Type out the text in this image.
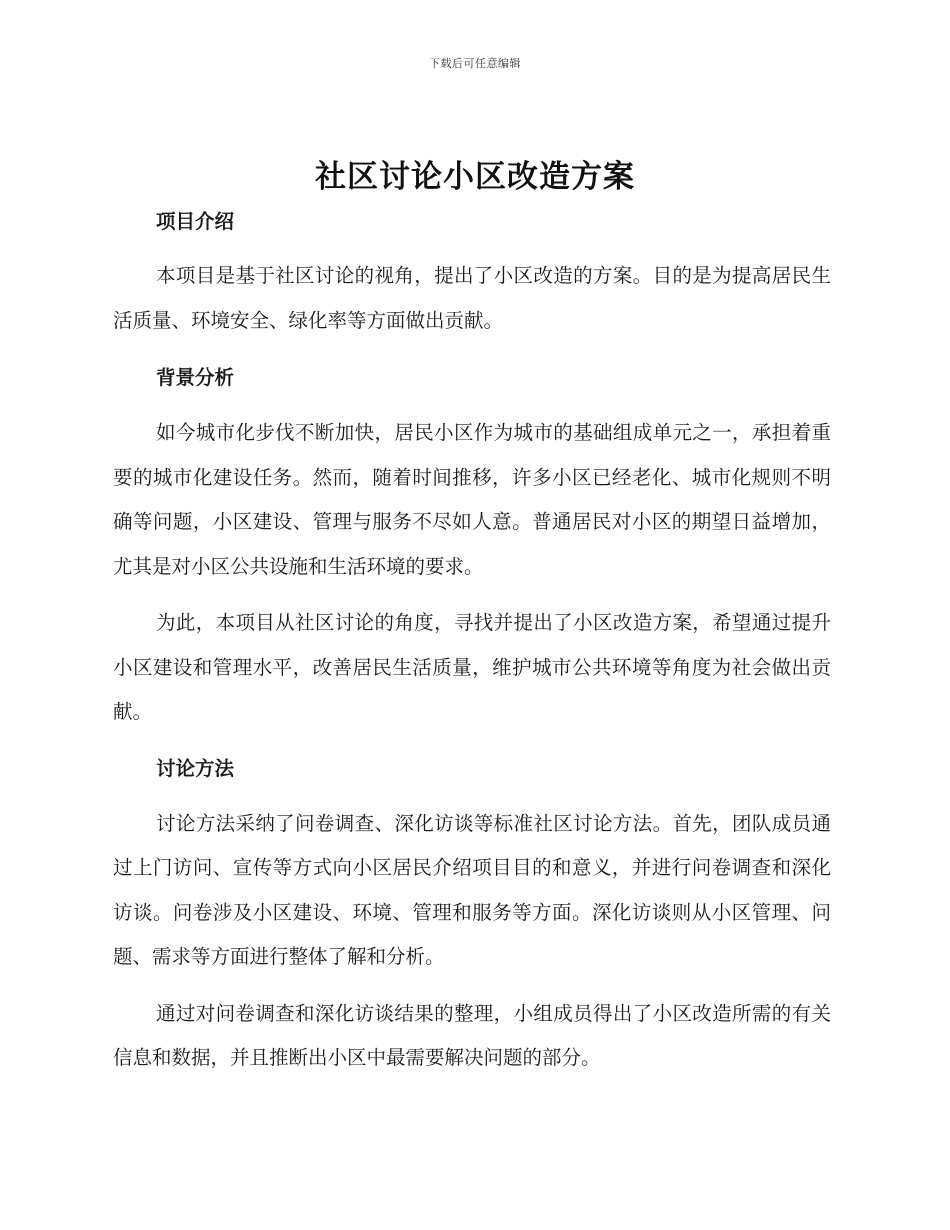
下载后可任意编辑
社区讨论小区改造方案
项目介绍

本项目是基于社区讨论的视角，提出了小区改造的方案。目的是为提高居民生活质量、环境安全、绿化率等方面做出贡献。

背景分析

如今城市化步伐不断加快，居民小区作为城市的基础组成单元之一，承担着重要的城市化建设任务。然而，随着时间推移，许多小区已经老化、城市化规则不明确等问题，小区建设、管理与服务不尽如人意。普通居民对小区的期望日益增加，尤其是对小区公共设施和生活环境的要求。

为此，本项目从社区讨论的角度，寻找并提出了小区改造方案，希望通过提升小区建设和管理水平，改善居民生活质量，维护城市公共环境等角度为社会做出贡献。

讨论方法

讨论方法采纳了问卷调查、深化访谈等标准社区讨论方法。首先，团队成员通过上门访问、宣传等方式向小区居民介绍项目目的和意义，并进行问卷调查和深化访谈。问卷涉及小区建设、环境、管理和服务等方面。深化访谈则从小区管理、问题、需求等方面进行整体了解和分析。

通过对问卷调查和深化访谈结果的整理，小组成员得出了小区改造所需的有关信息和数据，并且推断出小区中最需要解决问题的部分。
